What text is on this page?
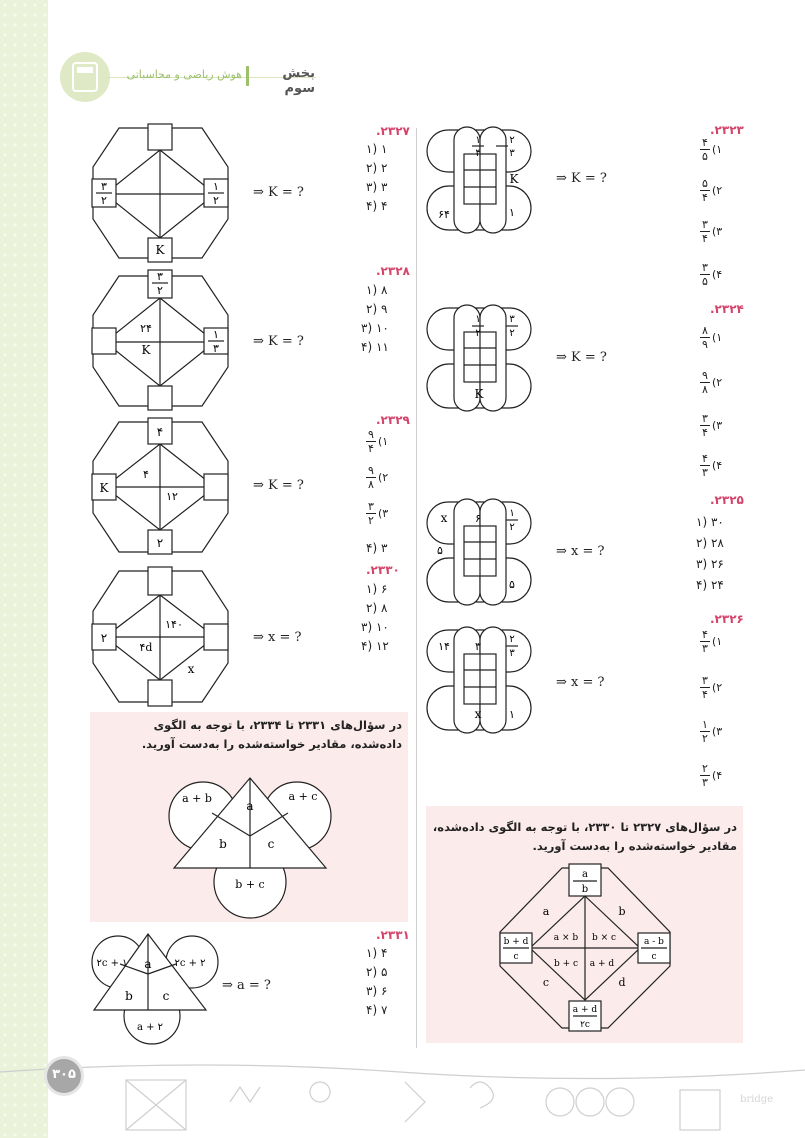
هوش ریاضی و محاسباتی	بخش سوم
۳
۲
۱
۲
K
⇒ K = ?
.۲۳۲۷
۱ (۱
۲ (۲
۳ (۳
۴ (۴
۳
۲
۱
۳
۲۴
K
⇒ K = ?
.۲۳۲۸
۸ (۱
۹ (۲
۱۰ (۳
۱۱ (۴
۴
K
۲
۴
۱۲
⇒ K = ?
.۲۳۲۹
۹
۴
(۱
۹
۸
(۲
۳
۲
(۳
۳ (۴
۲
۱۴۰
۴d
x
⇒ x = ?
.۲۳۳۰
۶ (۱
۸ (۲
۱۰ (۳
۱۲ (۴
در سؤال‌های ۲۳۳۱ تا ۲۳۳۴، با توجه به الگوی داده‌شده، مقادیر خواسته‌شده را به‌دست آورید.
a + b	a + c
a
b	c
b + c
۲c + ۱	۲c + ۲
a
b c
a + ۲
⇒ a = ?
.۲۳۳۱
۴ (۱
۵ (۲
۶ (۳
۷ (۴
۱
۴
۲
۳
K
۶۴	۱
⇒ K = ?
.۲۳۲۳
۴
۵
(۱
۵
۴
(۲
۳
۴
(۳
۳
۵
(۴
۱
۲
۳
۲
K
⇒ K = ?
.۲۳۲۴
۸
۹
(۱
۹
۸
(۲
۳
۴
(۳
۴
۳
(۴
x	۶	۱
۲
۵
۵
⇒ x = ?
.۲۳۲۵
۳۰ (۱
۲۸ (۲
۲۶ (۳
۲۴ (۴
۱۴ ۳
۲
۳
x	۱
⇒ x = ?
.۲۳۲۶
۴
۳
(۱
۳
۴
(۲
۱
۲
(۳
۲
۳
(۴
در سؤال‌های ۲۳۲۷ تا ۲۳۳۰، با توجه به الگوی داده‌شده، مقادیر خواسته‌شده را به‌دست آورید.
a
b
b + d
c
a - b
c
a + d
۲c
a	b
c	d
a × b b × c
b + c a + d
bridge
۳۰۵
